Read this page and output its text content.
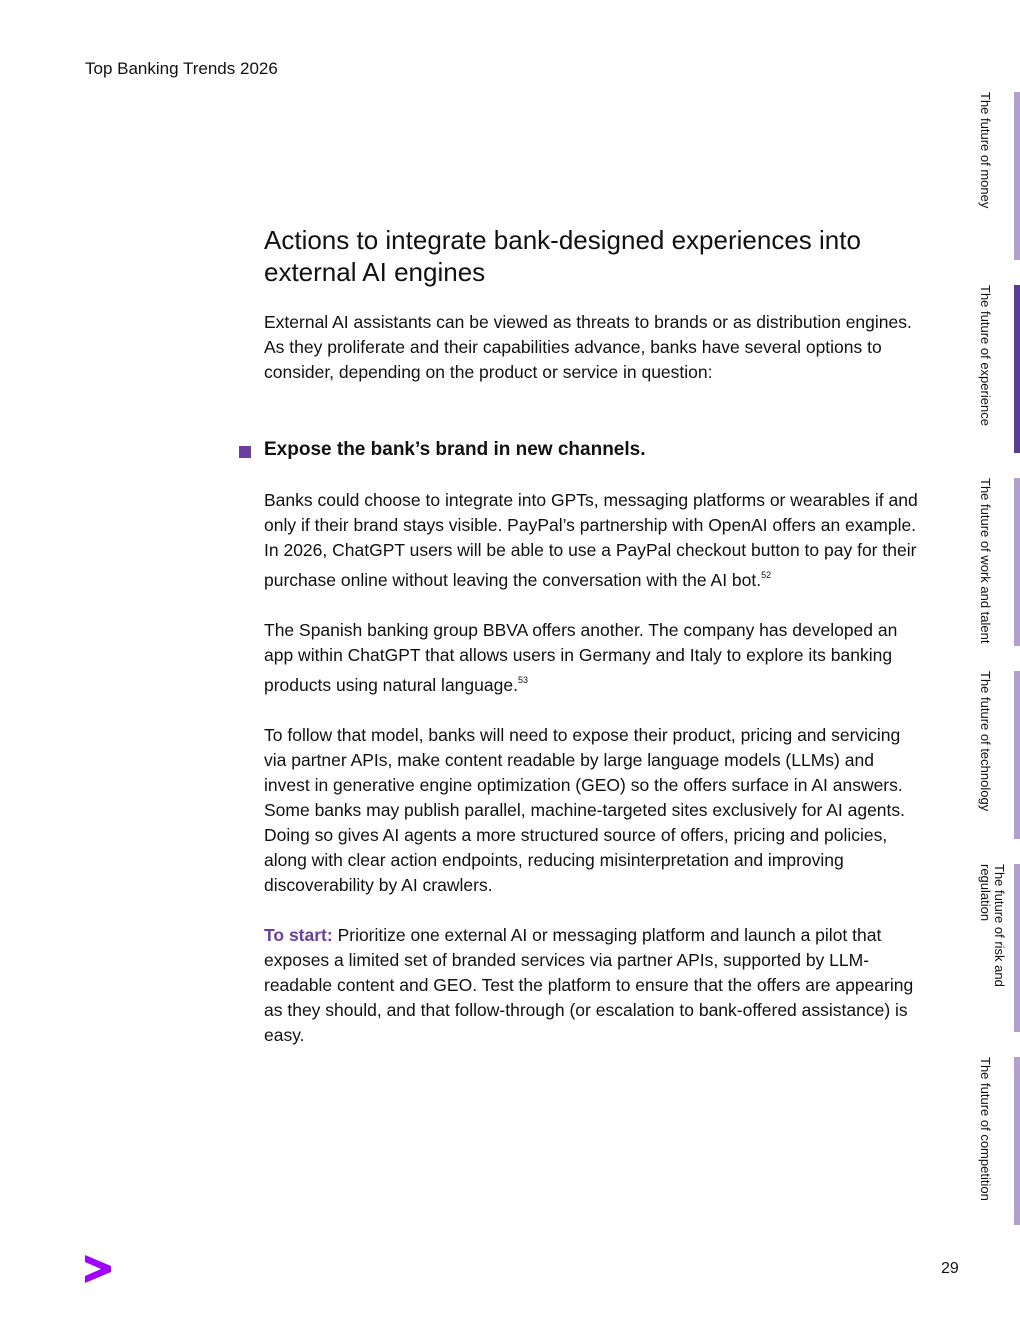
Top Banking Trends 2026
Actions to integrate bank-designed experiences into external AI engines

External AI assistants can be viewed as threats to brands or as distribution engines. As they proliferate and their capabilities advance, banks have several options to consider, depending on the product or service in question:

Expose the bank’s brand in new channels.

Banks could choose to integrate into GPTs, messaging platforms or wearables if and only if their brand stays visible. PayPal’s partnership with OpenAI offers an example. In 2026, ChatGPT users will be able to use a PayPal checkout button to pay for their purchase online without leaving the conversation with the AI bot.$^{52}$

The Spanish banking group BBVA offers another. The company has developed an app within ChatGPT that allows users in Germany and Italy to explore its banking products using natural language.$^{53}$

To follow that model, banks will need to expose their product, pricing and servicing via partner APIs, make content readable by large language models (LLMs) and invest in generative engine optimization (GEO) so the offers surface in AI answers. Some banks may publish parallel, machine-targeted sites exclusively for AI agents. Doing so gives AI agents a more structured source of offers, pricing and policies, along with clear action endpoints, reducing misinterpretation and improving discoverability by AI crawlers.

To start: Prioritize one external AI or messaging platform and launch a pilot that exposes a limited set of branded services via partner APIs, supported by LLM-readable content and GEO. Test the platform to ensure that the offers are appearing as they should, and that follow-through (or escalation to bank-offered assistance) is easy.

The future of money
The future of experience
The future of work and talent
The future of technology
The future of risk and regulation
The future of competition
29
